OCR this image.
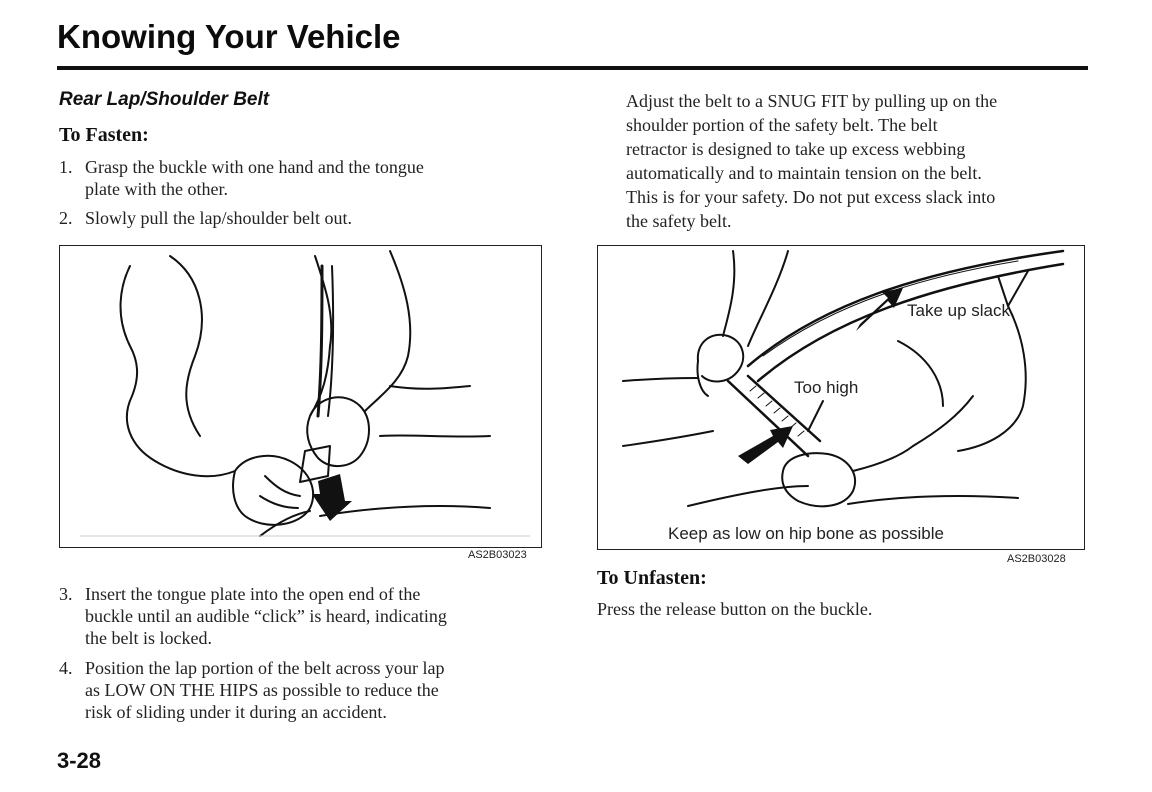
Knowing Your Vehicle
Rear Lap/Shoulder Belt
To Fasten:
1. Grasp the buckle with one hand and the tongue
plate with the other.
2. Slowly pull the lap/shoulder belt out.
AS2B03023
3. Insert the tongue plate into the open end of the
buckle until an audible “click” is heard, indicating
the belt is locked.
4. Position the lap portion of the belt across your lap
as LOW ON THE HIPS as possible to reduce the
risk of sliding under it during an accident.
3-28
Adjust the belt to a SNUG FIT by pulling up on the
shoulder portion of the safety belt. The belt
retractor is designed to take up excess webbing
automatically and to maintain tension on the belt.
This is for your safety. Do not put excess slack into
the safety belt.
Take up slack
Too high
Keep as low on hip bone as possible
AS2B03028
To Unfasten:
Press the release button on the buckle.
